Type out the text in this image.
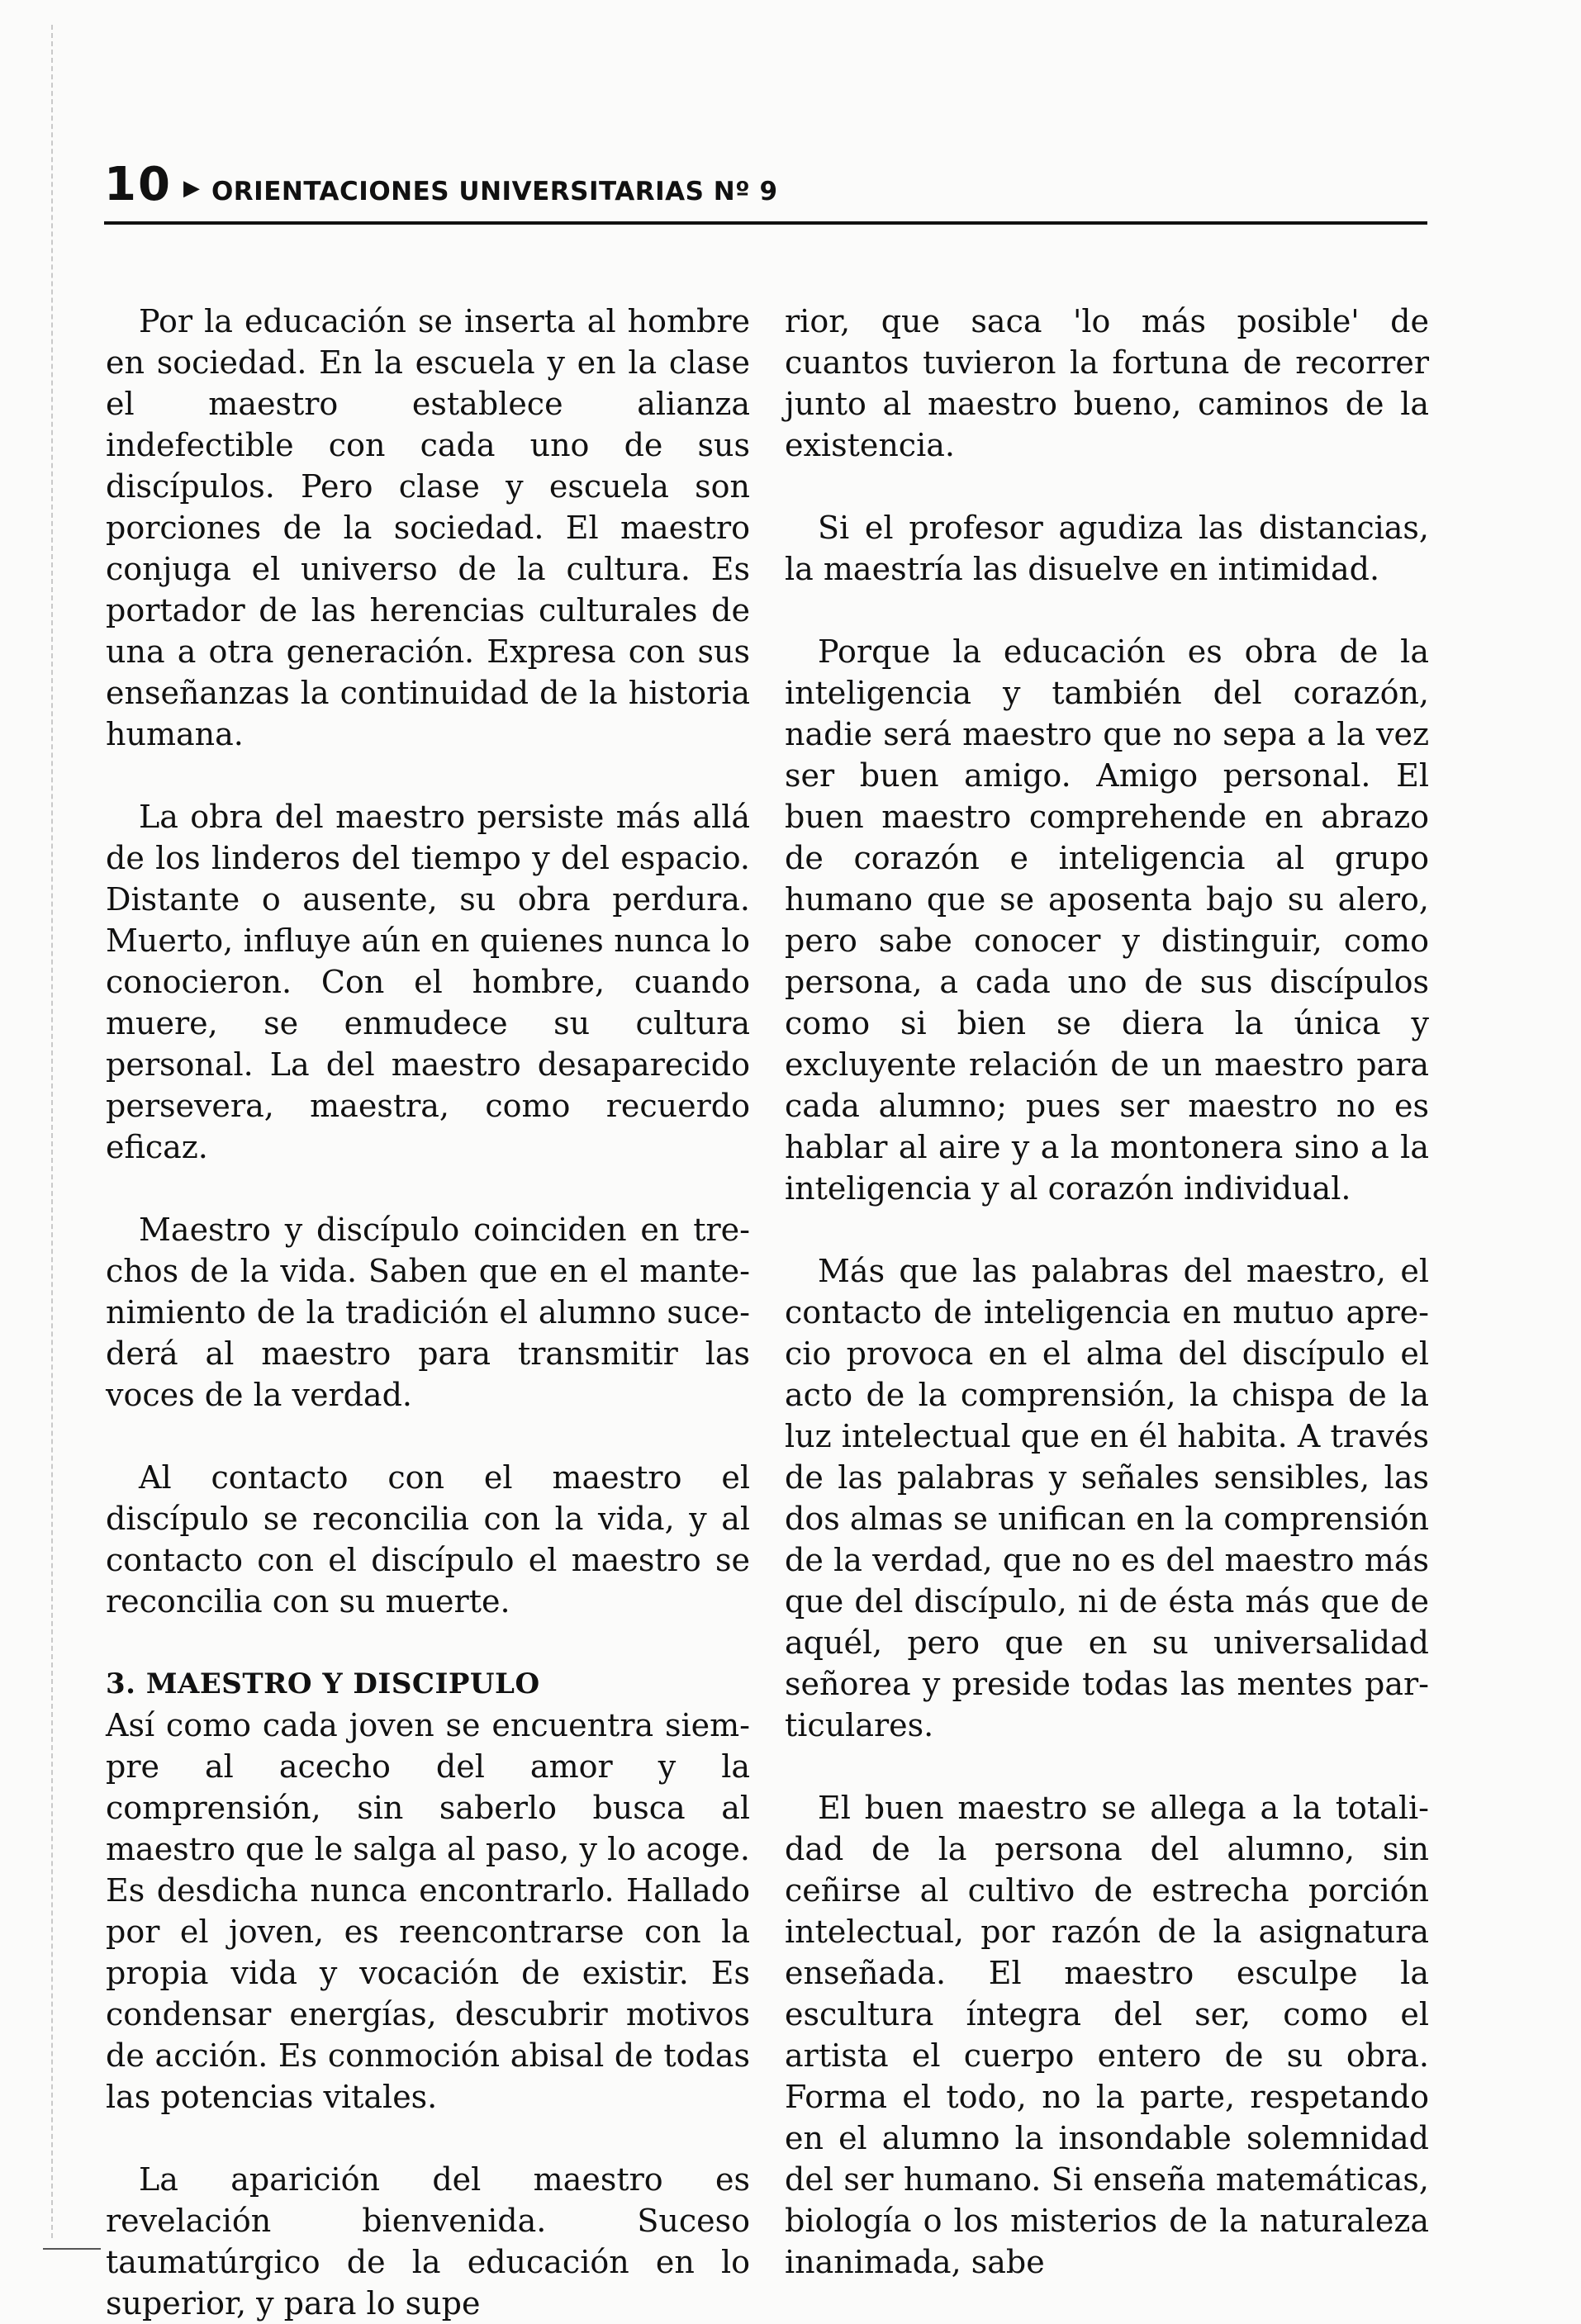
10 ▶ ORIENTACIONES UNIVERSITARIAS Nº 9

Por la educación se inserta al hombre en sociedad. En la escuela y en la clase el maestro establece alianza indefectible con cada uno de sus discípulos. Pero clase y escuela son porciones de la sociedad. El maestro conjuga el universo de la cultura. Es portador de las herencias culturales de una a otra generación. Expresa con sus enseñanzas la continuidad de la historia humana.

La obra del maestro persiste más allá de los linderos del tiempo y del espacio. Distante o ausente, su obra perdura. Muerto, influye aún en quienes nunca lo conocieron. Con el hombre, cuando muere, se enmudece su cultura personal. La del maestro desaparecido persevera, maestra, como recuerdo eficaz.

Maestro y discípulo coinciden en trechos de la vida. Saben que en el mantenimiento de la tradición el alumno sucederá al maestro para transmitir las voces de la verdad.

Al contacto con el maestro el discípulo se reconcilia con la vida, y al contacto con el discípulo el maestro se reconcilia con su muerte.

3. MAESTRO Y DISCIPULO

Así como cada joven se encuentra siempre al acecho del amor y la comprensión, sin saberlo busca al maestro que le salga al paso, y lo acoge. Es desdicha nunca encontrarlo. Hallado por el joven, es reencontrarse con la propia vida y vocación de existir. Es condensar energías, descubrir motivos de acción. Es conmoción abisal de todas las potencias vitales.

La aparición del maestro es revelación bienvenida. Suceso taumatúrgico de la educación en lo superior, y para lo supe

rior, que saca 'lo más posible' de cuantos tuvieron la fortuna de recorrer junto al maestro bueno, caminos de la existencia.

Si el profesor agudiza las distancias, la maestría las disuelve en intimidad.

Porque la educación es obra de la inteligencia y también del corazón, nadie será maestro que no sepa a la vez ser buen amigo. Amigo personal. El buen maestro comprehende en abrazo de corazón e inteligencia al grupo humano que se aposenta bajo su alero, pero sabe conocer y distinguir, como persona, a cada uno de sus discípulos como si bien se diera la única y excluyente relación de un maestro para cada alumno; pues ser maestro no es hablar al aire y a la montonera sino a la inteligencia y al corazón individual.

Más que las palabras del maestro, el contacto de inteligencia en mutuo aprecio provoca en el alma del discípulo el acto de la comprensión, la chispa de la luz intelectual que en él habita. A través de las palabras y señales sensibles, las dos almas se unifican en la comprensión de la verdad, que no es del maestro más que del discípulo, ni de ésta más que de aquél, pero que en su universalidad señorea y preside todas las mentes particulares.

El buen maestro se allega a la totalidad de la persona del alumno, sin ceñirse al cultivo de estrecha porción intelectual, por razón de la asignatura enseñada. El maestro esculpe la escultura íntegra del ser, como el artista el cuerpo entero de su obra. Forma el todo, no la parte, respetando en el alumno la insondable solemnidad del ser humano. Si enseña matemáticas, biología o los misterios de la naturaleza inanimada, sabe
